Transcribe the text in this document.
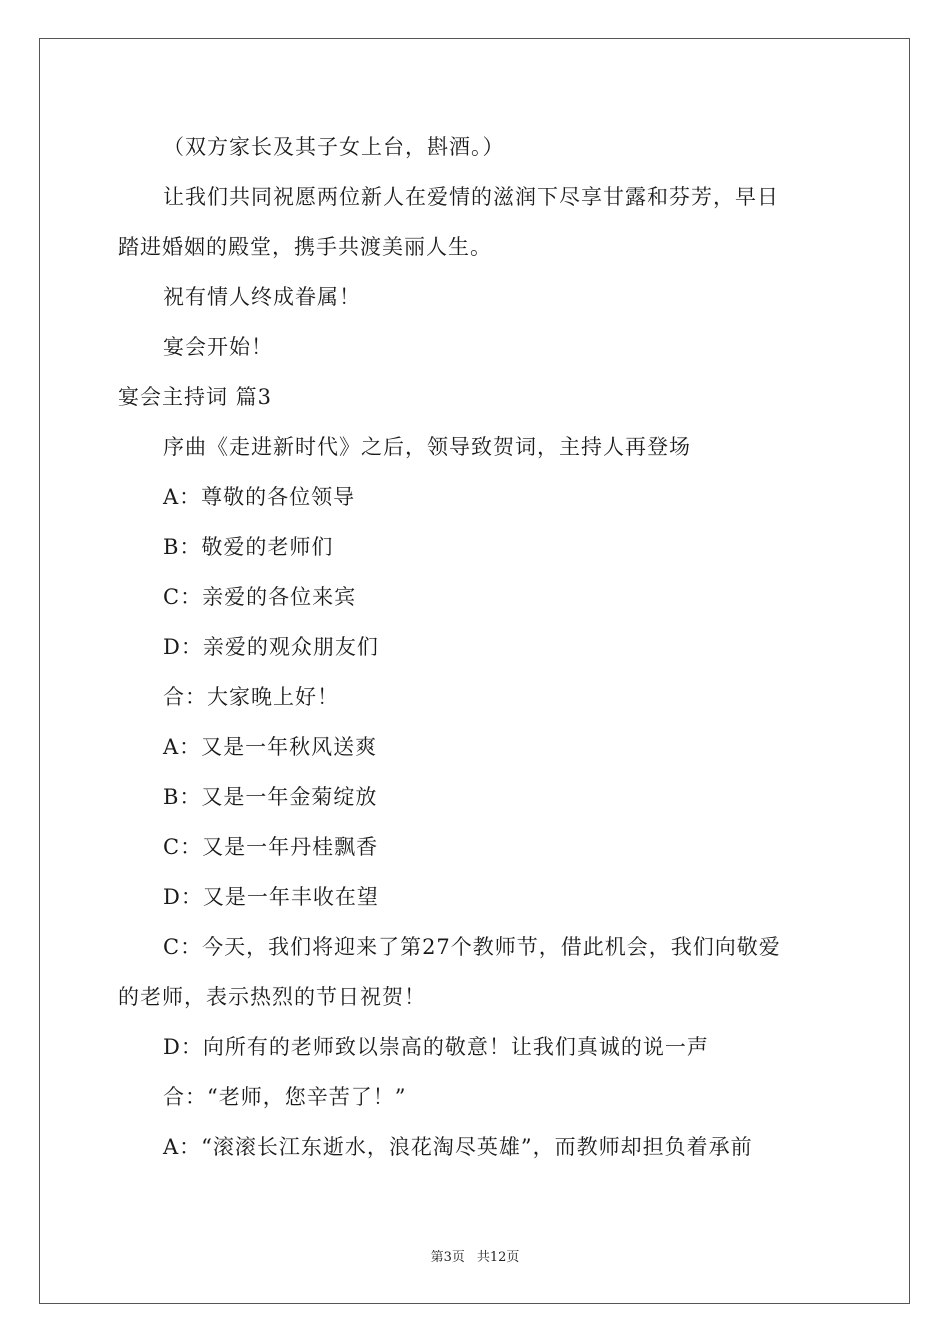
（双方家长及其子女上台，斟酒。）
让我们共同祝愿两位新人在爱情的滋润下尽享甘露和芬芳，早日
踏进婚姻的殿堂，携手共渡美丽人生。
祝有情人终成眷属！
宴会开始！
宴会主持词 篇3
序曲《走进新时代》之后，领导致贺词，主持人再登场
A：尊敬的各位领导
B：敬爱的老师们
C：亲爱的各位来宾
D：亲爱的观众朋友们
合：大家晚上好！
A：又是一年秋风送爽
B：又是一年金菊绽放
C：又是一年丹桂飘香
D：又是一年丰收在望
C：今天，我们将迎来了第27个教师节，借此机会，我们向敬爱
的老师，表示热烈的节日祝贺！
D：向所有的老师致以崇高的敬意！让我们真诚的说一声
合：“老师，您辛苦了！”
A：“滚滚长江东逝水，浪花淘尽英雄”，而教师却担负着承前
第3页 共12页
